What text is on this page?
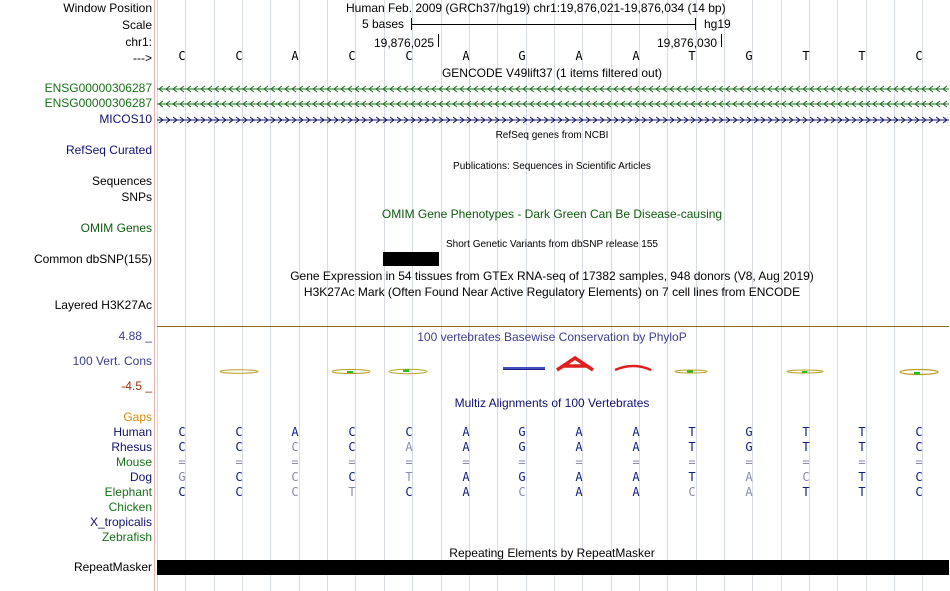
Window Position	Human Feb. 2009 (GRCh37/hg19) chr1:19,876,021-19,876,034 (14 bp)
Scale	5 bases	hg19
chr1:	19,876,025	19,876,030
--->	C	C	A	C	C	A	G	A	A	T	G	T	T	C
GENCODE V49lift37 (1 items filtered out)
ENSG00000306287
ENSG00000306287
MICOS10
RefSeq genes from NCBI
RefSeq Curated
Publications: Sequences in Scientific Articles
Sequences
SNPs
OMIM Gene Phenotypes - Dark Green Can Be Disease-causing
OMIM Genes
Short Genetic Variants from dbSNP release 155
Common dbSNP(155)
Gene Expression in 54 tissues from GTEx RNA-seq of 17382 samples, 948 donors (V8, Aug 2019)
H3K27Ac Mark (Often Found Near Active Regulatory Elements) on 7 cell lines from ENCODE
Layered H3K27Ac
100 vertebrates Basewise Conservation by PhyloP
4.88 _
100 Vert. Cons
-4.5 _
Multiz Alignments of 100 Vertebrates
Gaps
Human	C	C	A	C	C	A	G	A	A	T	G	T	T	C
Rhesus	C	C	C	C	A	A	G	A	A	T	G	T	T	C
Mouse	=	=	=	=	=	=	=	=	=	=	=	=	=	=
Dog	G	C	C	C	T	A	G	A	A	T	A	C	T	C
Elephant	C	C	C	T	C	A	C	A	A	C	A	T	T	C
Chicken
X_tropicalis
Zebrafish
Repeating Elements by RepeatMasker
RepeatMasker
